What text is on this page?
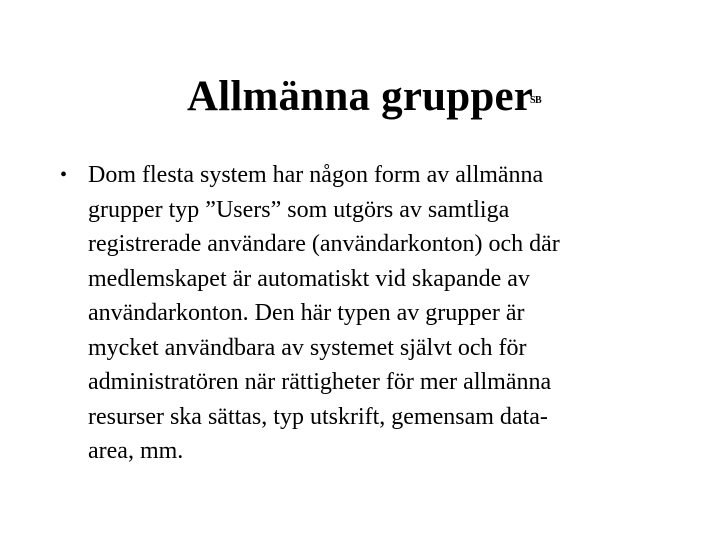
Allmänna grupper
SB
• Dom flesta system har någon form av allmänna
grupper typ ”Users” som utgörs av samtliga
registrerade användare (användarkonton) och där
medlemskapet är automatiskt vid skapande av
användarkonton. Den här typen av grupper är
mycket användbara av systemet självt och för
administratören när rättigheter för mer allmänna
resurser ska sättas, typ utskrift, gemensam data-
area, mm.
